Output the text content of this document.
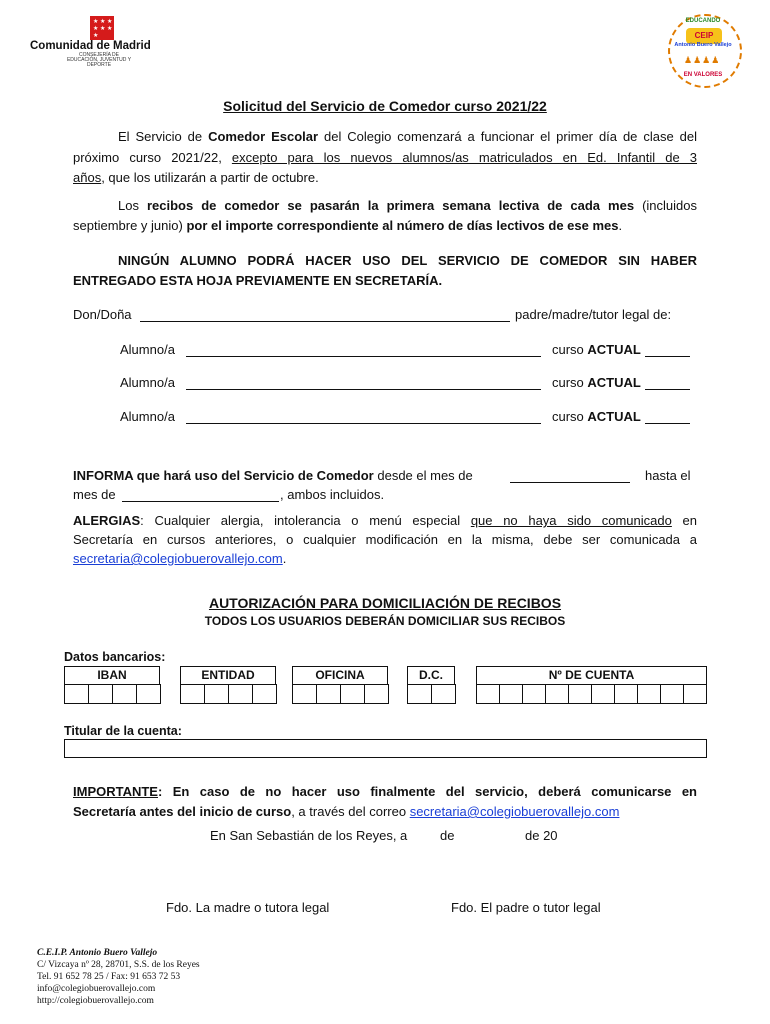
★ ★ ★
★ ★ ★
★
Comunidad de Madrid
CONSEJERÍA DE EDUCACIÓN, JUVENTUD Y DEPORTE
EDUCANDO
CEIP
Antonio Buero Vallejo
♟♟♟♟
EN VALORES
Solicitud del Servicio de Comedor curso 2021/22
El Servicio de Comedor Escolar del Colegio comenzará a funcionar el primer día de clase del
próximo curso 2021/22, excepto para los nuevos alumnos/as matriculados en Ed. Infantil de 3
años, que los utilizarán a partir de octubre.
Los recibos de comedor se pasarán la primera semana lectiva de cada mes (incluidos
septiembre y junio) por el importe correspondiente al número de días lectivos de ese mes.
NINGÚN ALUMNO PODRÁ HACER USO DEL SERVICIO DE COMEDOR SIN HABER
ENTREGADO ESTA HOJA PREVIAMENTE EN SECRETARÍA.
Don/Doña	padre/madre/tutor legal de:
Alumno/a	curso ACTUAL
Alumno/a	curso ACTUAL
Alumno/a	curso ACTUAL
INFORMA que hará uso del Servicio de Comedor desde el mes de	hasta el
mes de	, ambos incluidos.
ALERGIAS: Cualquier alergia, intolerancia o menú especial que no haya sido comunicado en
Secretaría en cursos anteriores, o cualquier modificación en la misma, debe ser comunicada a
secretaria@colegiobuerovallejo.com.
AUTORIZACIÓN PARA DOMICILIACIÓN DE RECIBOS
TODOS LOS USUARIOS DEBERÁN DOMICILIAR SUS RECIBOS
Datos bancarios:
IBAN	ENTIDAD	OFICINA	D.C.	Nº DE CUENTA
Titular de la cuenta:
IMPORTANTE: En caso de no hacer uso finalmente del servicio, deberá comunicarse en
Secretaría antes del inicio de curso, a través del correo secretaria@colegiobuerovallejo.com
En San Sebastián de los Reyes, a	de	de 20
Fdo. La madre o tutora legal	Fdo. El padre o tutor legal
C.E.I.P. Antonio Buero Vallejo
C/ Vizcaya nº 28, 28701, S.S. de los Reyes
Tel. 91 652 78 25 / Fax: 91 653 72 53
info@colegiobuerovallejo.com
http://colegiobuerovallejo.com
